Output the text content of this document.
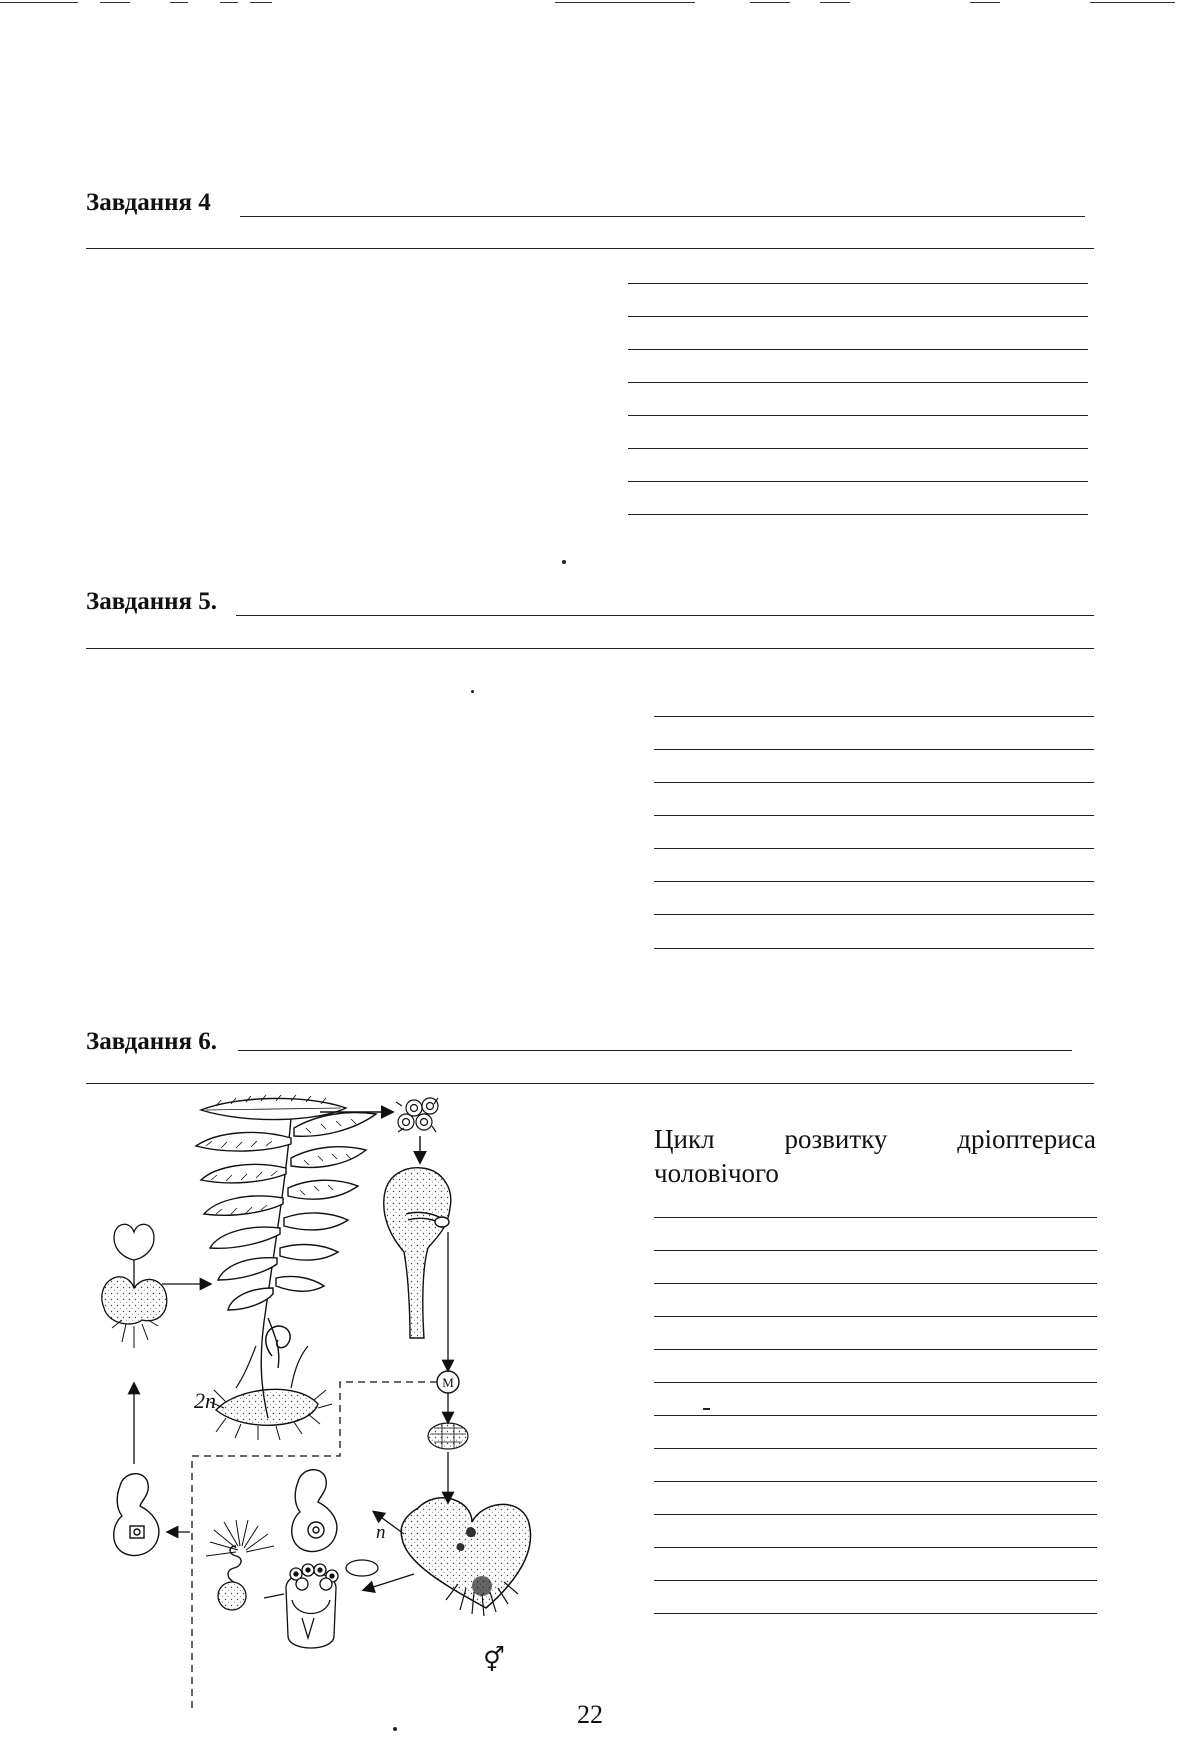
Завдання 4
Завдання 5.
Завдання 6.
Цикл	розвитку	дріоптериса
чоловічого
М
⚥
n
2n
22
